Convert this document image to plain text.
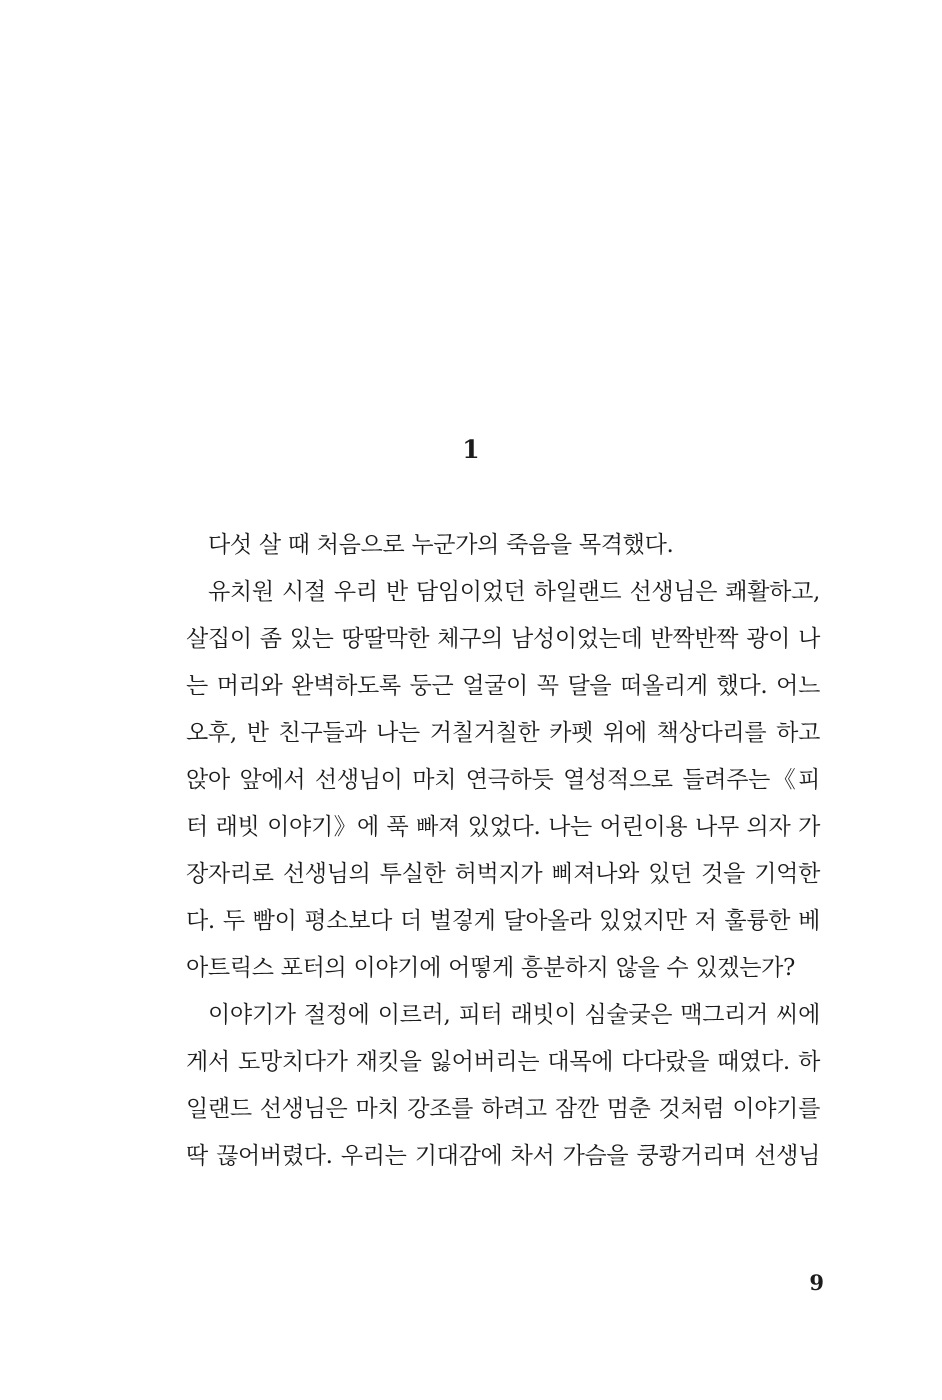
1
다섯 살 때 처음으로 누군가의 죽음을 목격했다.
유치원 시절 우리 반 담임이었던 하일랜드 선생님은 쾌활하고,
살집이 좀 있는 땅딸막한 체구의 남성이었는데 반짝반짝 광이 나
는 머리와 완벽하도록 둥근 얼굴이 꼭 달을 떠올리게 했다. 어느
오후, 반 친구들과 나는 거칠거칠한 카펫 위에 책상다리를 하고
앉아 앞에서 선생님이 마치 연극하듯 열성적으로 들려주는《피
터 래빗 이야기》에 푹 빠져 있었다. 나는 어린이용 나무 의자 가
장자리로 선생님의 투실한 허벅지가 삐져나와 있던 것을 기억한
다. 두 빰이 평소보다 더 벌겋게 달아올라 있었지만 저 훌륭한 베
아트릭스 포터의 이야기에 어떻게 흥분하지 않을 수 있겠는가?
이야기가 절정에 이르러, 피터 래빗이 심술궂은 맥그리거 씨에
게서 도망치다가 재킷을 잃어버리는 대목에 다다랐을 때였다. 하
일랜드 선생님은 마치 강조를 하려고 잠깐 멈춘 것처럼 이야기를
딱 끊어버렸다. 우리는 기대감에 차서 가슴을 쿵쾅거리며 선생님
9
